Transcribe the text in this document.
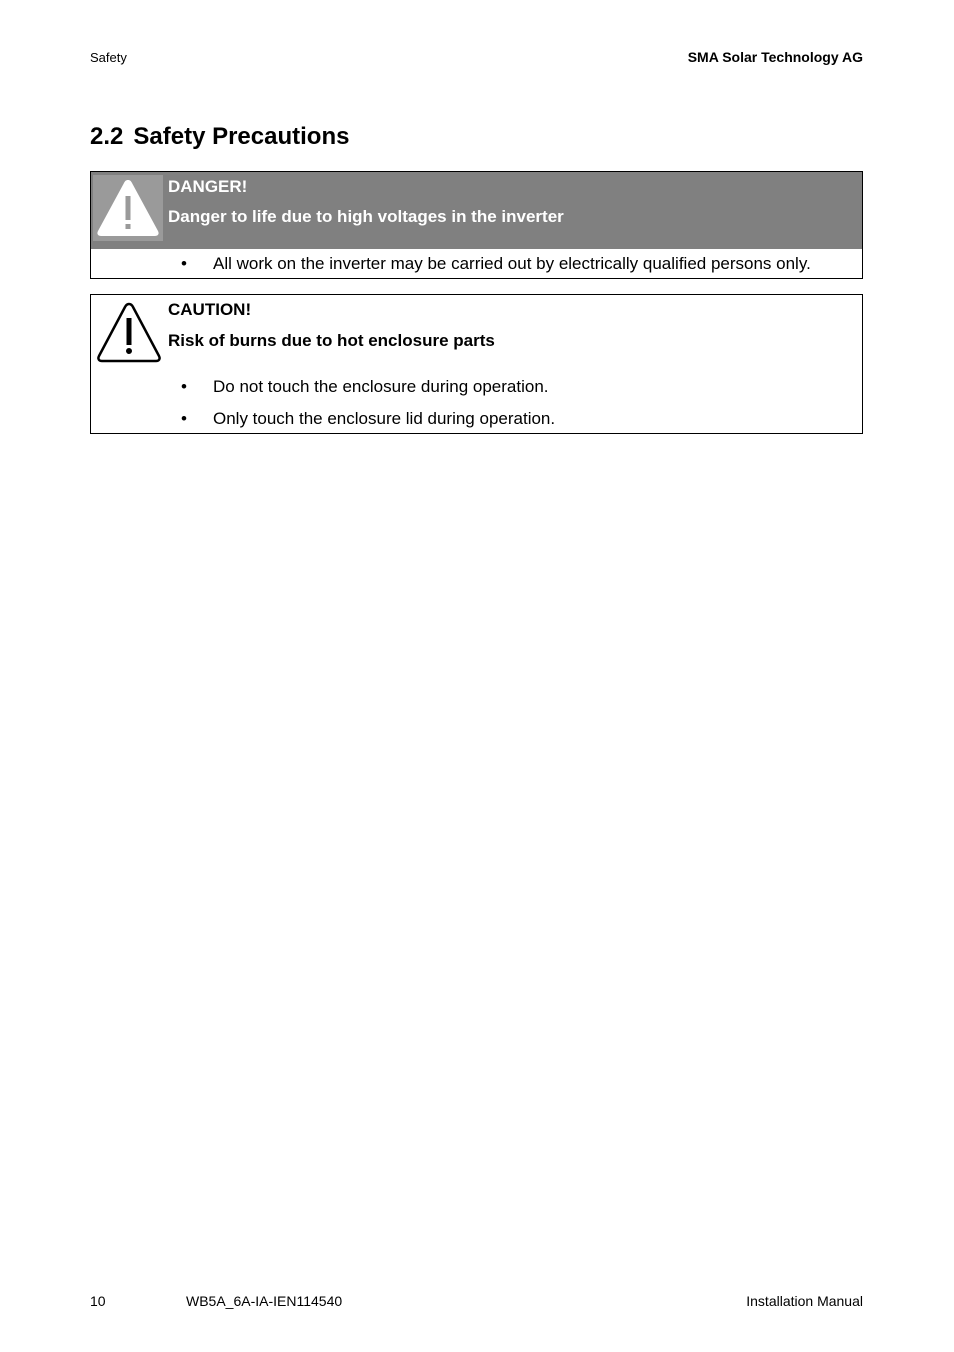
Safety	SMA Solar Technology AG
2.2 Safety Precautions
DANGER!
Danger to life due to high voltages in the inverter
• All work on the inverter may be carried out by electrically qualified persons only.
CAUTION!
Risk of burns due to hot enclosure parts
• Do not touch the enclosure during operation.
• Only touch the enclosure lid during operation.
10	WB5A_6A-IA-IEN114540	Installation Manual
